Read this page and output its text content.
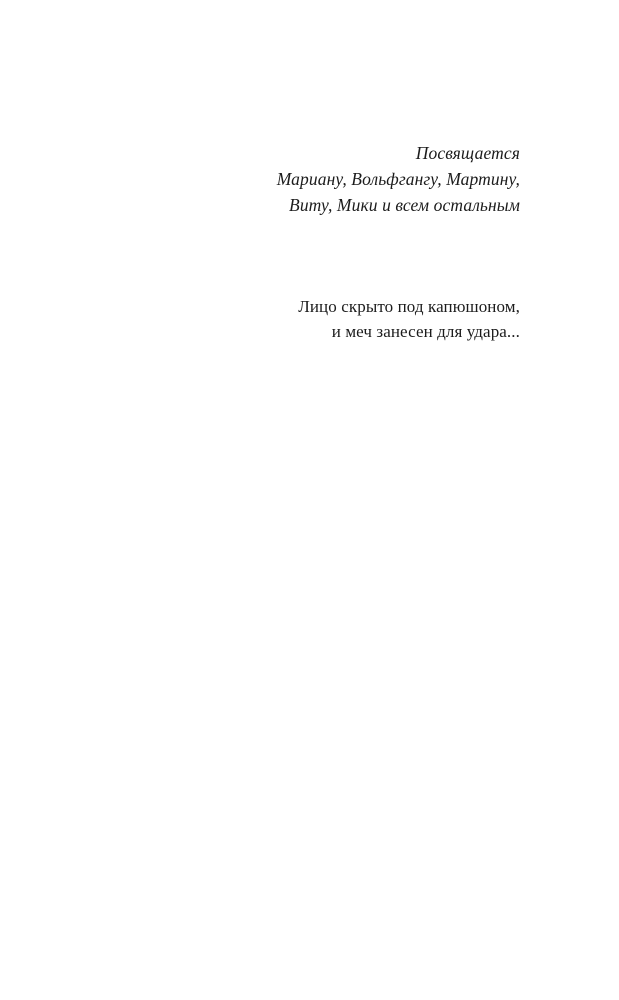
Посвящается
Мариану, Вольфгангу, Мартину,
Виту, Мики и всем остальным
Лицо скрыто под капюшоном,
и меч занесен для удара...
